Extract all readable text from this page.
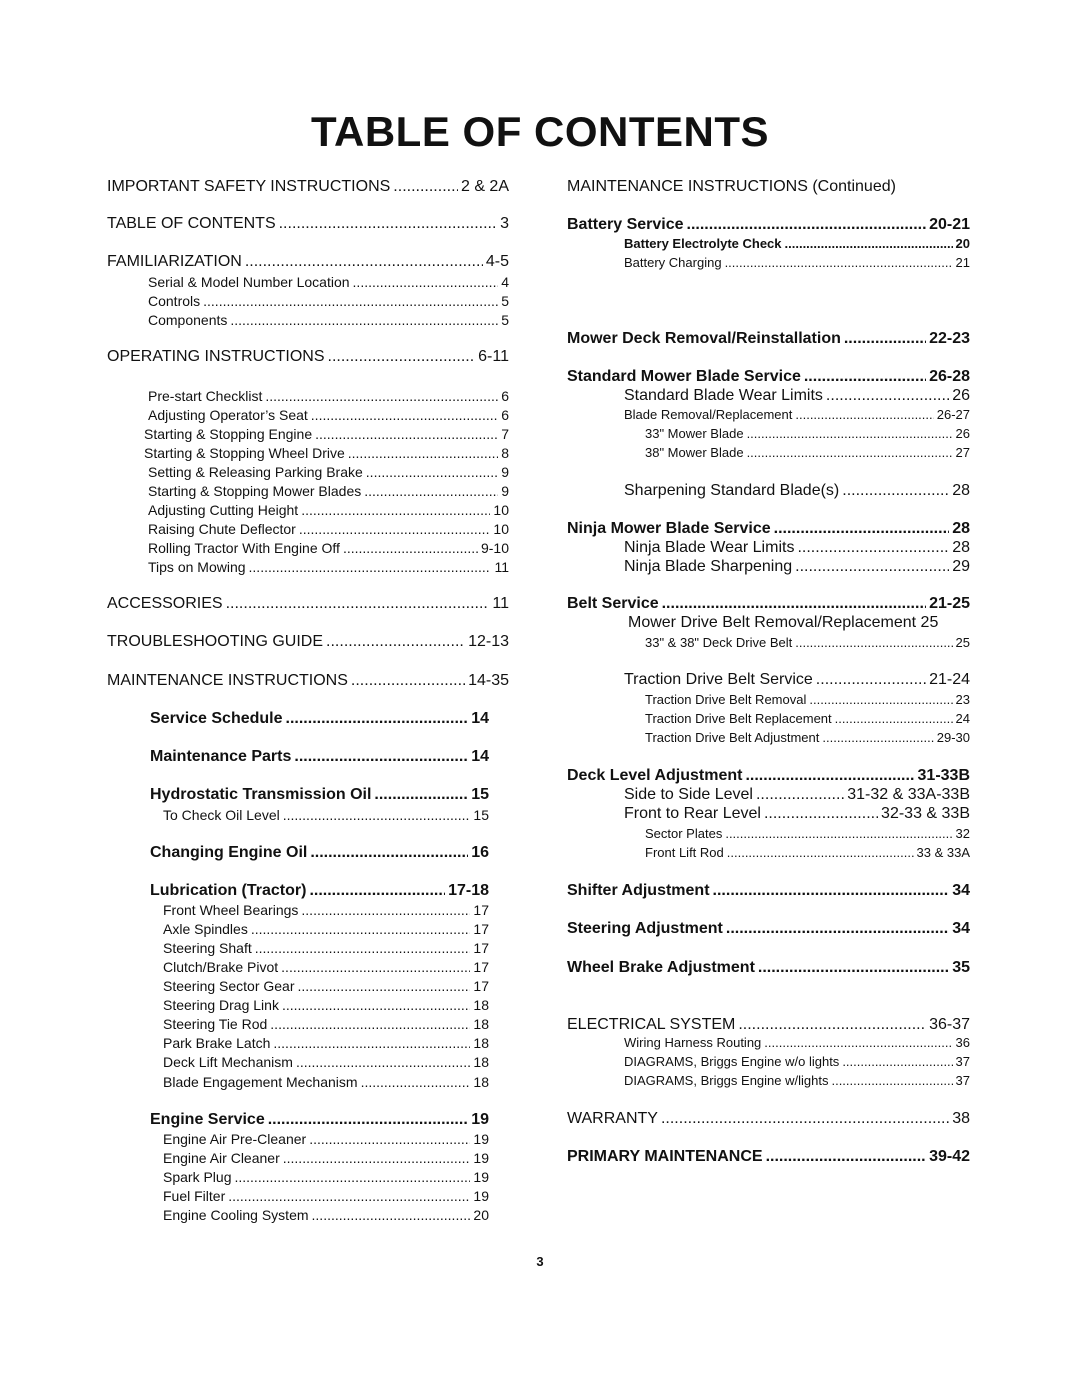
TABLE OF CONTENTS
MAINTENANCE INSTRUCTIONS (Continued)
IMPORTANT SAFETY INSTRUCTIONS .....	2 & 2A
TABLE OF CONTENTS .....	3
FAMILIARIZATION .....	4-5
Serial & Model Number Location .....	4
Controls .....	5
Components .....	5
OPERATING INSTRUCTIONS .....	6-11
Pre-start Checklist .....	6
Adjusting Operator’s Seat .....	6
Starting & Stopping Engine .....	7
Starting & Stopping Wheel Drive .....	8
Setting & Releasing Parking Brake .....	9
Starting & Stopping Mower Blades .....	9
Adjusting Cutting Height .....	10
Raising Chute Deflector .....	10
Rolling Tractor With Engine Off .....	9-10
Tips on Mowing .....	11
ACCESSORIES .....	11
TROUBLESHOOTING GUIDE .....	12-13
MAINTENANCE INSTRUCTIONS .....	14-35
Service Schedule .....	14
Maintenance Parts .....	14
Hydrostatic Transmission Oil .....	15
To Check Oil Level .....	15
Changing Engine Oil .....	16
Lubrication (Tractor) .....	17-18
Front Wheel Bearings .....	17
Axle Spindles .....	17
Steering Shaft .....	17
Clutch/Brake Pivot .....	17
Steering Sector Gear .....	17
Steering Drag Link .....	18
Steering Tie Rod .....	18
Park Brake Latch .....	18
Deck Lift Mechanism .....	18
Blade Engagement Mechanism .....	18
Engine Service .....	19
Engine Air Pre-Cleaner .....	19
Engine Air Cleaner .....	19
Spark Plug .....	19
Fuel Filter .....	19
Engine Cooling System .....	20
Battery Service .....	20-21
Battery Electrolyte Check .....	20
Battery Charging .....	21
Mower Deck Removal/Reinstallation .....	22-23
Standard Mower Blade Service .....	26-28
Standard Blade Wear Limits .....	26
Blade Removal/Replacement .....	26-27
33" Mower Blade .....	26
38" Mower Blade .....	27
Sharpening Standard Blade(s) .....	28
Ninja Mower Blade Service .....	28
Ninja Blade Wear Limits .....	28
Ninja Blade Sharpening .....	29
Belt Service .....	21-25
Mower Drive Belt Removal/Replacement 25
33" & 38" Deck Drive Belt .....	25
Traction Drive Belt Service .....	21-24
Traction Drive Belt Removal .....	23
Traction Drive Belt Replacement .....	24
Traction Drive Belt Adjustment .....	29-30
Deck Level Adjustment .....	31-33B
Side to Side Level .....	31-32 & 33A-33B
Front to Rear Level .....	32-33 & 33B
Sector Plates .....	32
Front Lift Rod .....	33 & 33A
Shifter Adjustment .....	34
Steering Adjustment .....	34
Wheel Brake Adjustment .....	35
ELECTRICAL SYSTEM .....	36-37
Wiring Harness Routing .....	36
DIAGRAMS, Briggs Engine w/o lights .....	37
DIAGRAMS, Briggs Engine w/lights .....	37
WARRANTY .....	38
PRIMARY MAINTENANCE .....	39-42
3
